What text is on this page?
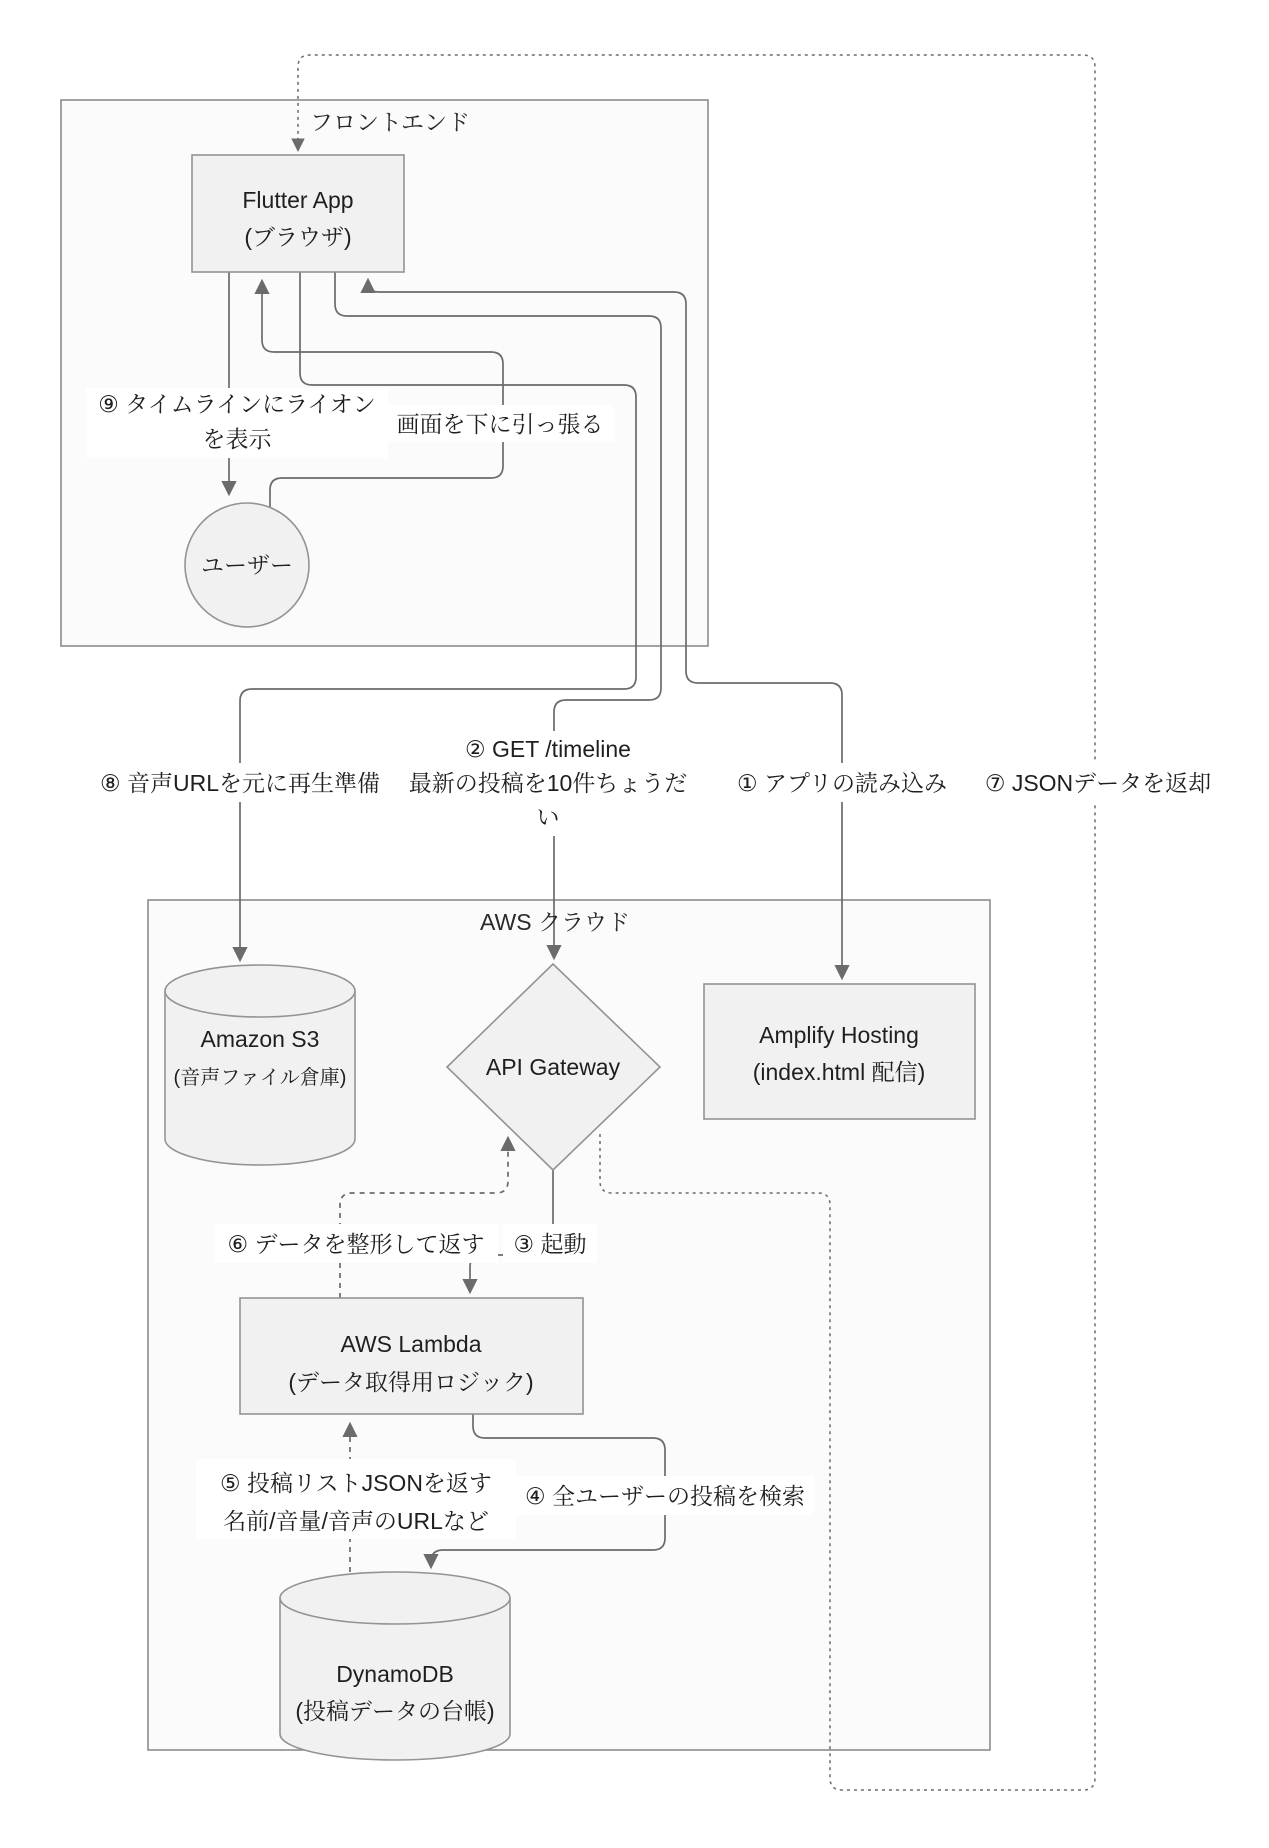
Flutter App
(ブラウザ)
ユーザー
Amazon S3
(音声ファイル倉庫)	API Gateway
Amplify Hosting
(index.html 配信)
AWS Lambda
(データ取得用ロジック)
DynamoDB
(投稿データの台帳)
フロントエンド
AWS クラウド
⑨ タイムラインにライオン
を表示
画面を下に引っ張る
⑧ 音声URLを元に再生準備
② GET /timeline
最新の投稿を10件ちょうだ
い
① アプリの読み込み ⑦ JSONデータを返却
⑥ データを整形して返す ③ 起動
⑤ 投稿リストJSONを返す
名前/音量/音声のURLなど
④ 全ユーザーの投稿を検索
